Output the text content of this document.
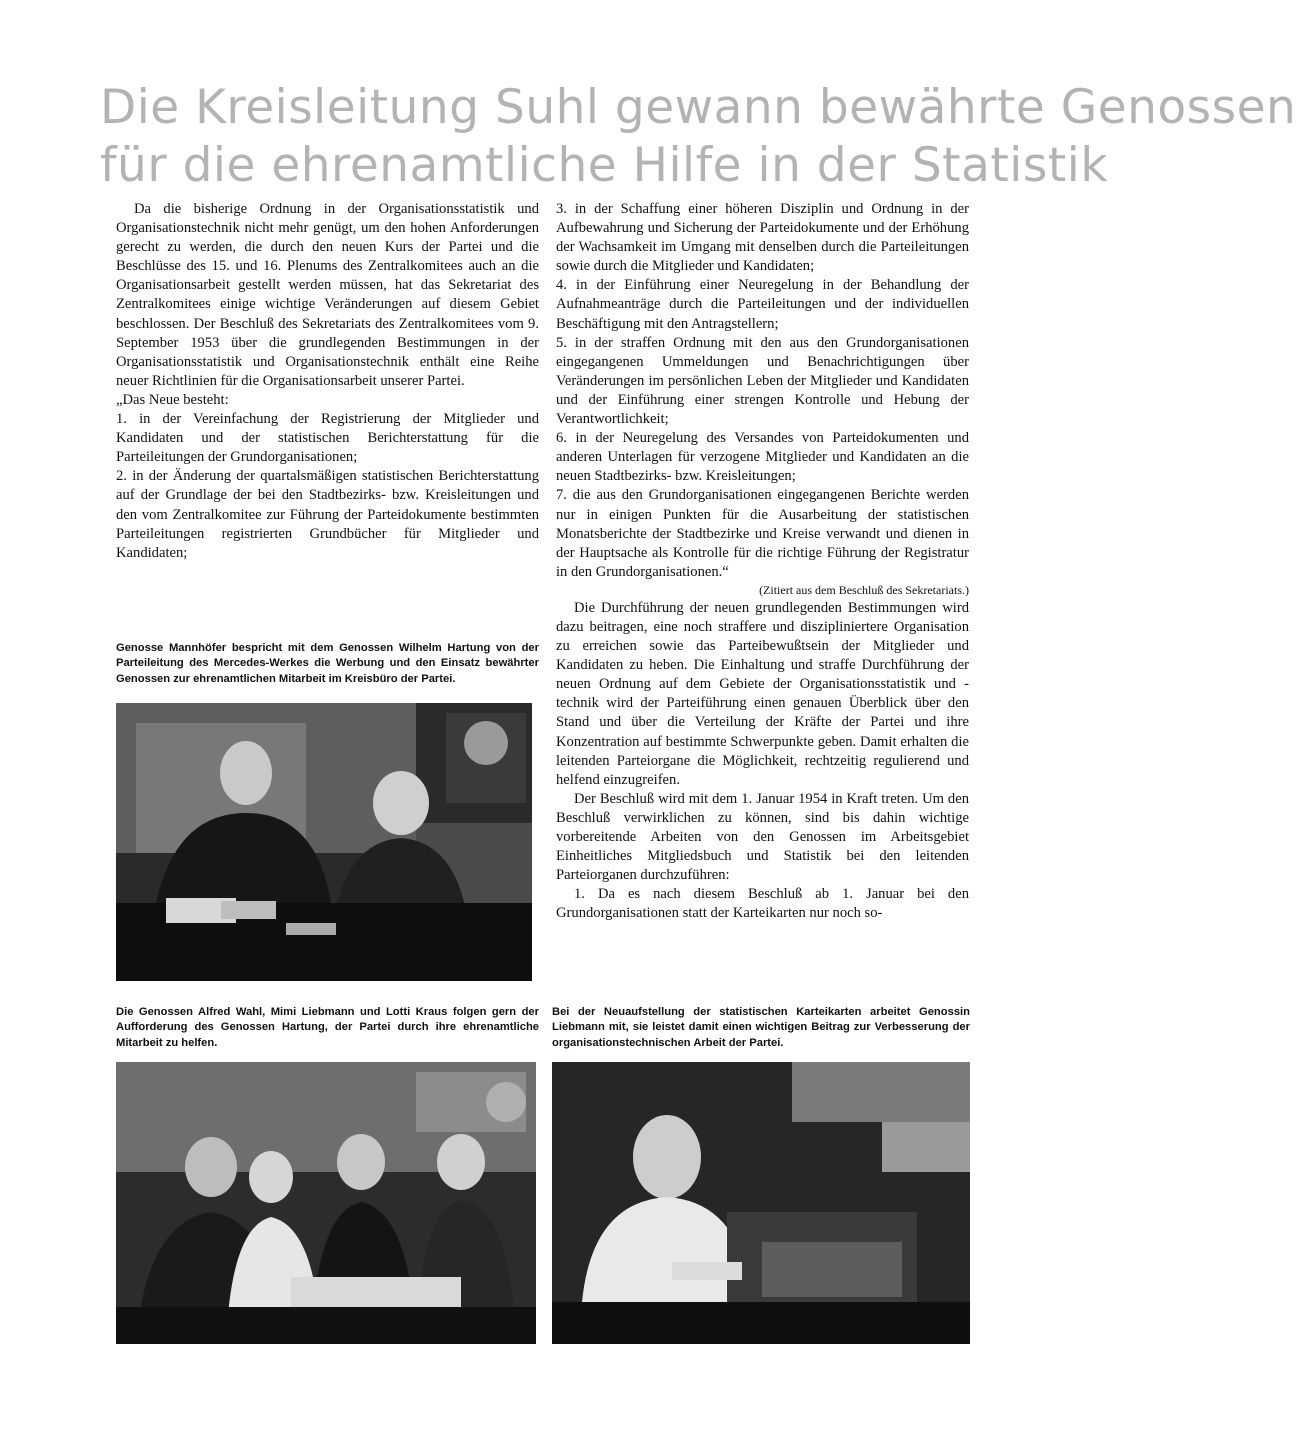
Die Kreisleitung Suhl gewann bewährte Genossen
für die ehrenamtliche Hilfe in der Statistik

Da die bisherige Ordnung in der Organisationsstatistik und Organisationstechnik nicht mehr genügt, um den hohen Anforderungen gerecht zu werden, die durch den neuen Kurs der Partei und die Beschlüsse des 15. und 16. Plenums des Zentralkomitees auch an die Organisationsarbeit gestellt werden müssen, hat das Sekretariat des Zentralkomitees einige wichtige Veränderungen auf diesem Gebiet beschlossen. Der Beschluß des Sekretariats des Zentralkomitees vom 9. September 1953 über die grundlegenden Bestimmungen in der Organisationsstatistik und Organisationstechnik enthält eine Reihe neuer Richtlinien für die Organisationsarbeit unserer Partei.

„Das Neue besteht:

1. in der Vereinfachung der Registrierung der Mitglieder und Kandidaten und der statistischen Berichterstattung für die Parteileitungen der Grundorganisationen;

2. in der Änderung der quartalsmäßigen statistischen Berichterstattung auf der Grundlage der bei den Stadtbezirks- bzw. Kreisleitungen und den vom Zentralkomitee zur Führung der Parteidokumente bestimmten Parteileitungen registrierten Grundbücher für Mitglieder und Kandidaten;

Genosse Mannhöfer bespricht mit dem Genossen Wilhelm Hartung von der Parteileitung des Mercedes-Werkes die Werbung und den Einsatz bewährter Genossen zur ehrenamtlichen Mitarbeit im Kreisbüro der Partei.
Die Genossen Alfred Wahl, Mimi Liebmann und Lotti Kraus folgen gern der Aufforderung des Genossen Hartung, der Partei durch ihre ehrenamtliche Mitarbeit zu helfen.

3. in der Schaffung einer höheren Disziplin und Ordnung in der Aufbewahrung und Sicherung der Parteidokumente und der Erhöhung der Wachsamkeit im Umgang mit denselben durch die Parteileitungen sowie durch die Mitglieder und Kandidaten;

4. in der Einführung einer Neuregelung in der Behandlung der Aufnahmeanträge durch die Parteileitungen und der individuellen Beschäftigung mit den Antragstellern;

5. in der straffen Ordnung mit den aus den Grundorganisationen eingegangenen Ummeldungen und Benachrichtigungen über Veränderungen im persönlichen Leben der Mitglieder und Kandidaten und der Einführung einer strengen Kontrolle und Hebung der Verantwortlichkeit;

6. in der Neuregelung des Versandes von Parteidokumenten und anderen Unterlagen für verzogene Mitglieder und Kandidaten an die neuen Stadtbezirks- bzw. Kreisleitungen;

7. die aus den Grundorganisationen eingegangenen Berichte werden nur in einigen Punkten für die Ausarbeitung der statistischen Monatsberichte der Stadtbezirke und Kreise verwandt und dienen in der Hauptsache als Kontrolle für die richtige Führung der Registratur in den Grundorganisationen.“

(Zitiert aus dem Beschluß des Sekretariats.)

Die Durchführung der neuen grundlegenden Bestimmungen wird dazu beitragen, eine noch straffere und diszipliniertere Organisation zu erreichen sowie das Parteibewußtsein der Mitglieder und Kandidaten zu heben. Die Einhaltung und straffe Durchführung der neuen Ordnung auf dem Gebiete der Organisationsstatistik und -technik wird der Parteiführung einen genauen Überblick über den Stand und über die Verteilung der Kräfte der Partei und ihre Konzentration auf bestimmte Schwerpunkte geben. Damit erhalten die leitenden Parteiorgane die Möglichkeit, rechtzeitig regulierend und helfend einzugreifen.

Der Beschluß wird mit dem 1. Januar 1954 in Kraft treten. Um den Beschluß verwirklichen zu können, sind bis dahin wichtige vorbereitende Arbeiten von den Genossen im Arbeitsgebiet Einheitliches Mitgliedsbuch und Statistik bei den leitenden Parteiorganen durchzuführen:

1. Da es nach diesem Beschluß ab 1. Januar bei den Grundorganisationen statt der Karteikarten nur noch so-

Bei der Neuaufstellung der statistischen Karteikarten arbeitet Genossin Liebmann mit, sie leistet damit einen wichtigen Beitrag zur Verbesserung der organisationstechnischen Arbeit der Partei.
